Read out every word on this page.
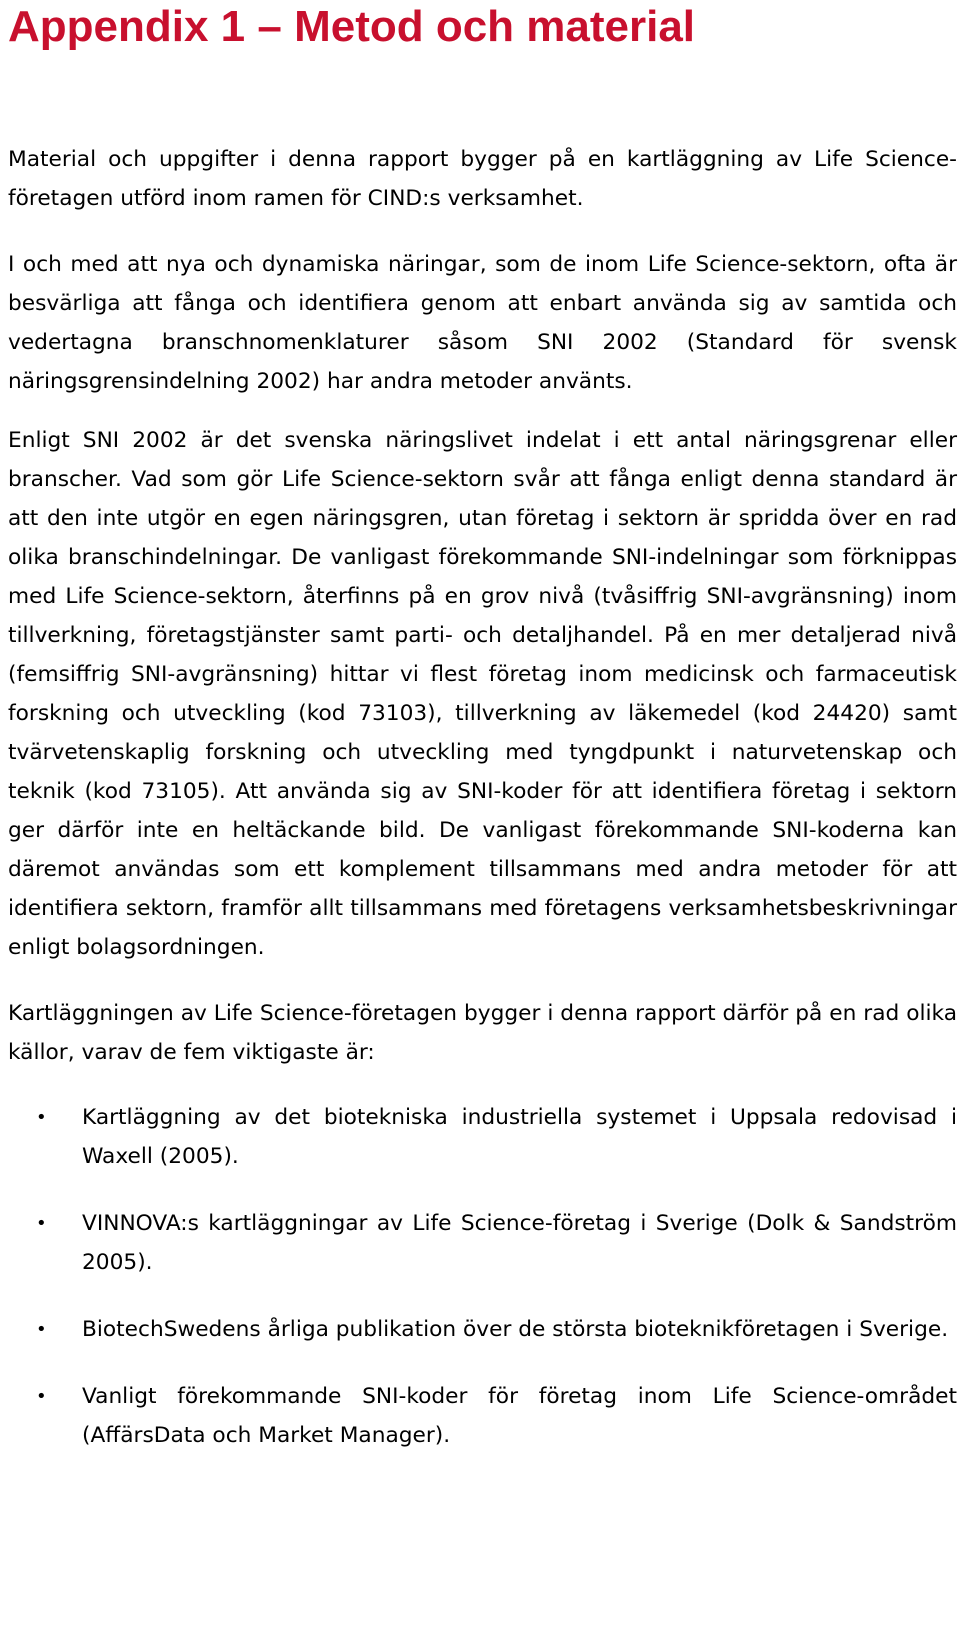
Appendix 1 – Metod och material

Material och uppgifter i denna rapport bygger på en kartläggning av Life Science-företagen utförd inom ramen för CIND:s verksamhet.

I och med att nya och dynamiska näringar, som de inom Life Science-sektorn, ofta är besvärliga att fånga och identifiera genom att enbart använda sig av samtida och vedertagna branschnomenklaturer såsom SNI 2002 (Standard för svensk näringsgrensindelning 2002) har andra metoder använts.

Enligt SNI 2002 är det svenska näringslivet indelat i ett antal näringsgrenar eller branscher. Vad som gör Life Science-sektorn svår att fånga enligt denna standard är att den inte utgör en egen näringsgren, utan företag i sektorn är spridda över en rad olika branschindelningar. De vanligast förekommande SNI-indelningar som förknippas med Life Science-sektorn, återfinns på en grov nivå (tvåsiffrig SNI-avgränsning) inom tillverkning, företagstjänster samt parti- och detaljhandel. På en mer detaljerad nivå (femsiffrig SNI-avgränsning) hittar vi flest företag inom medicinsk och farmaceutisk forskning och utveckling (kod 73103), tillverkning av läkemedel (kod 24420) samt tvärvetenskaplig forskning och utveckling med tyngdpunkt i naturvetenskap och teknik (kod 73105). Att använda sig av SNI-koder för att identifiera företag i sektorn ger därför inte en heltäckande bild. De vanligast förekommande SNI-koderna kan däremot användas som ett komplement tillsammans med andra metoder för att identifiera sektorn, framför allt tillsammans med företagens verksamhetsbeskrivningar enligt bolagsordningen.

Kartläggningen av Life Science-företagen bygger i denna rapport därför på en rad olika källor, varav de fem viktigaste är:

• Kartläggning av det biotekniska industriella systemet i Uppsala redovisad i Waxell (2005).
• VINNOVA:s kartläggningar av Life Science-företag i Sverige (Dolk & Sandström 2005).
• BiotechSwedens årliga publikation över de största bioteknikföretagen i Sverige.
• Vanligt förekommande SNI-koder för företag inom Life Science-området (AffärsData och Market Manager).
